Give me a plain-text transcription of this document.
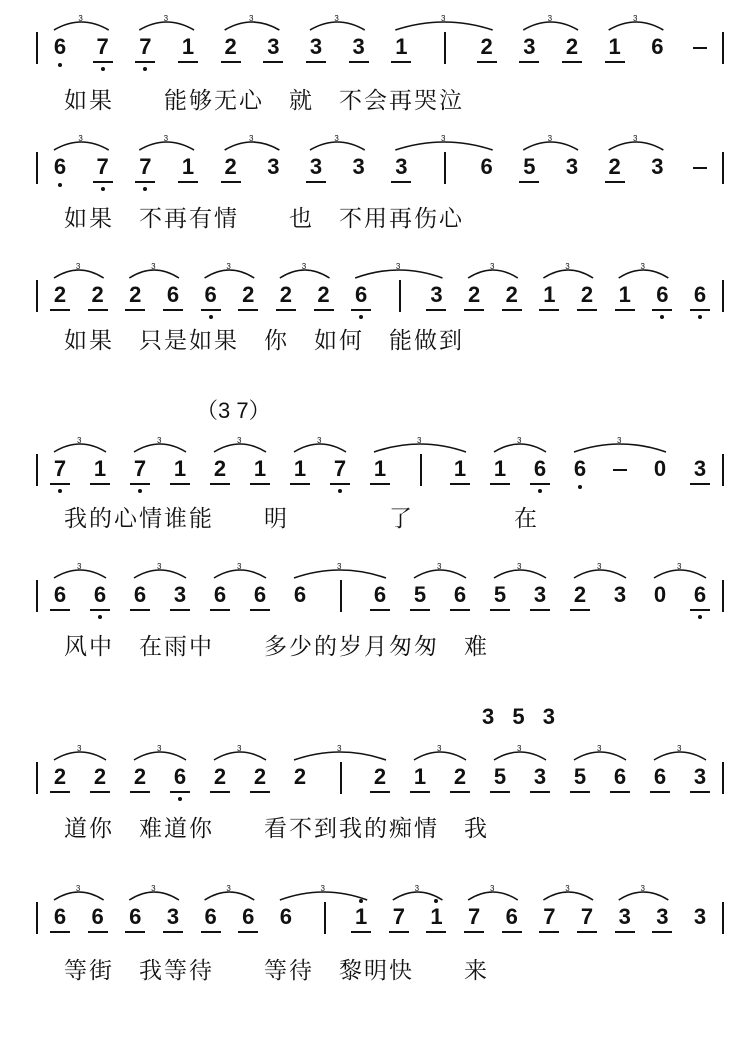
如果　　能够无心　就　不会再哭泣
如果　不再有情　　也　不用再伤心
如果　只是如果　你　如何　能做到
我的心情谁能　　明　　　　了　　　　在
风中　在雨中　　多少的岁月匆匆　难
道你　难道你　　看不到我的痴情　我
等街　我等待　　等待　黎明快　　来
（3 7）
3 5 3
3	3	3	3	3	3	3
3	3	3	3	3	3	3
3	3	3	3	3	3	3	3
3	3	3	3	3	3	3
3	3	3	3	3	3	3	3
3	3	3	3	3	3	3	3
3	3	3	3	3	3	3	3
6 7 7 1 2 3 3 3 1	2 3 2 1 6
6 7 7 1 2 3 3 3 3	6 5 3 2 3
2 2 2 6 6 2 2 2 6	3 2 2 1 2 1 6 6
7 1 7 1 2 1 1 7 1	1 1 6 6	0 3
6 6 6 3 6 6 6	6 5 6 5 3 2 3 0 6
2 2 2 6 2 2 2	2 1 2 5 3 5 6 6 3
6 6 6 3 6 6 6	1 7 1 7 6 7 7 3 3 3
